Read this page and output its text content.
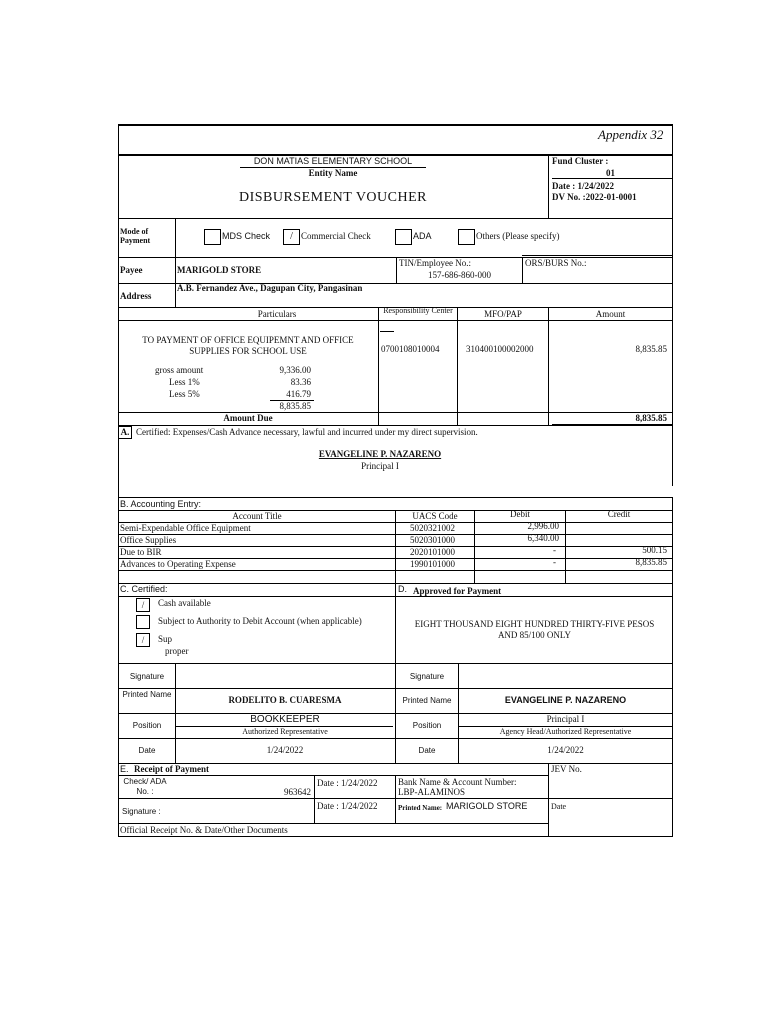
Appendix 32
DON MATIAS ELEMENTARY SCHOOL
Entity Name
DISBURSEMENT VOUCHER
Fund Cluster :
01
Date : 1/24/2022
DV No. :2022-01-0001
Mode of Payment	MDS Check	/ Commercial Check	ADA	Others (Please specify)
Payee	MARIGOLD STORE
TIN/Employee No.:
157-686-860-000
ORS/BURS No.:
Address
A.B. Fernandez Ave., Dagupan City, Pangasinan
Particulars	Responsibility Center	MFO/PAP	Amount
TO PAYMENT OF OFFICE EQUIPEMNT AND OFFICE
SUPPLIES FOR SCHOOL USE	0700108010004	310400100002000	8,835.85
gross amount	9,336.00
Less 1%	83.36
Less 5%	416.79
8,835.85
Amount Due	8,835.85
A. Certified: Expenses/Cash Advance necessary, lawful and incurred under my direct supervision.
EVANGELINE P. NAZARENO
Principal I
B. Accounting Entry:
Account Title	UACS Code	Debit	Credit
Semi-Expendable Office Equipment	5020321002	2,996.00
Office Supplies	5020301000	6,340.00
Due to BIR	2020101000	-	500.15
Advances to Operating Expense	1990101000	-	8,835.85
C. Certified:
/	Cash available
Subject to Authority to Debit Account (when applicable)
/	Sup
proper
Signature
Printed Name
RODELITO B. CUARESMA
Position
BOOKKEEPER
Authorized Representative
Date	1/24/2022
D. Approved for Payment
EIGHT THOUSAND EIGHT HUNDRED THIRTY-FIVE PESOS
AND 85/100 ONLY
Signature
Printed Name	EVANGELINE P. NAZARENO
Position
Principal I
Agency Head/Authorized Representative
Date	1/24/2022
E. Receipt of Payment
Check/ ADA No. :	963642
Date : 1/24/2022 Bank Name & Account Number:
LBP-ALAMINOS
JEV No.
Signature :
Date : 1/24/2022	Printed Name: MARIGOLD STORE	Date
Official Receipt No. & Date/Other Documents
